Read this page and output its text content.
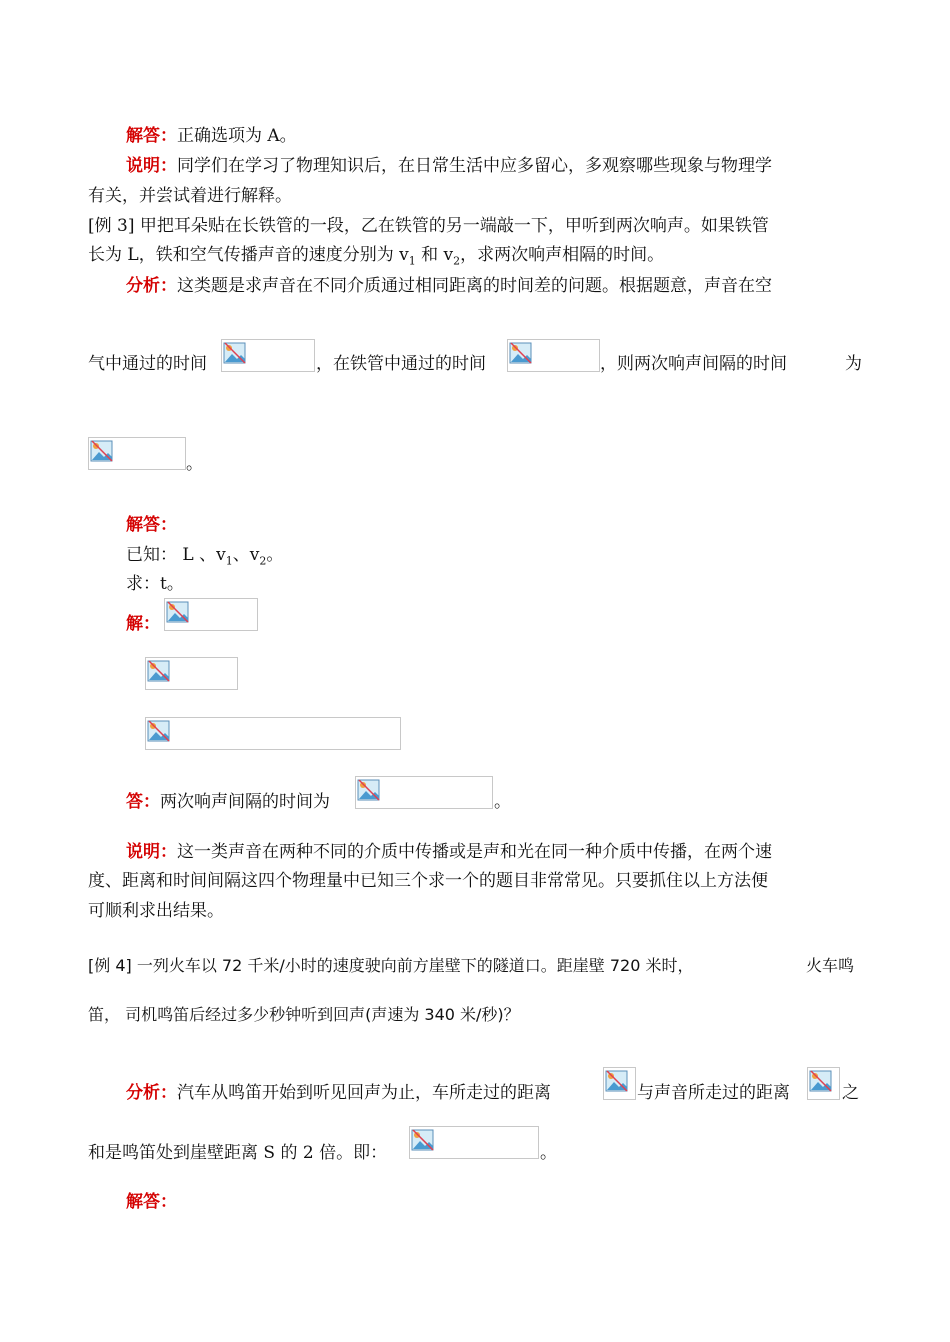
解答：正确选项为 A。
说明：同学们在学习了物理知识后，在日常生活中应多留心，多观察哪些现象与物理学
有关，并尝试着进行解释。
[例 3] 甲把耳朵贴在长铁管的一段，乙在铁管的另一端敲一下，甲听到两次响声。如果铁管
长为 L，铁和空气传播声音的速度分别为 $v_1$ 和 $v_2$，求两次响声相隔的时间。
分析：这类题是求声音在不同介质通过相同距离的时间差的问题。根据题意，声音在空
气中通过的时间	，在铁管中通过的时间	，则两次响声间隔的时间	为
。
解答：
已知： L 、$v_1$、$v_2$。
求：t。
解：
答：两次响声间隔的时间为	。
说明：这一类声音在两种不同的介质中传播或是声和光在同一种介质中传播，在两个速
度、距离和时间间隔这四个物理量中已知三个求一个的题目非常常见。只要抓住以上方法便
可顺利求出结果。
[例 4] 一列火车以 72 千米/小时的速度驶向前方崖壁下的隧道口。距崖壁 720 米时，	火车鸣
笛， 司机鸣笛后经过多少秒钟听到回声(声速为 340 米/秒)？
分析：汽车从鸣笛开始到听见回声为止，车所走过的距离	与声音所走过的距离	之
和是鸣笛处到崖壁距离 S 的 2 倍。即：	。
解答：
